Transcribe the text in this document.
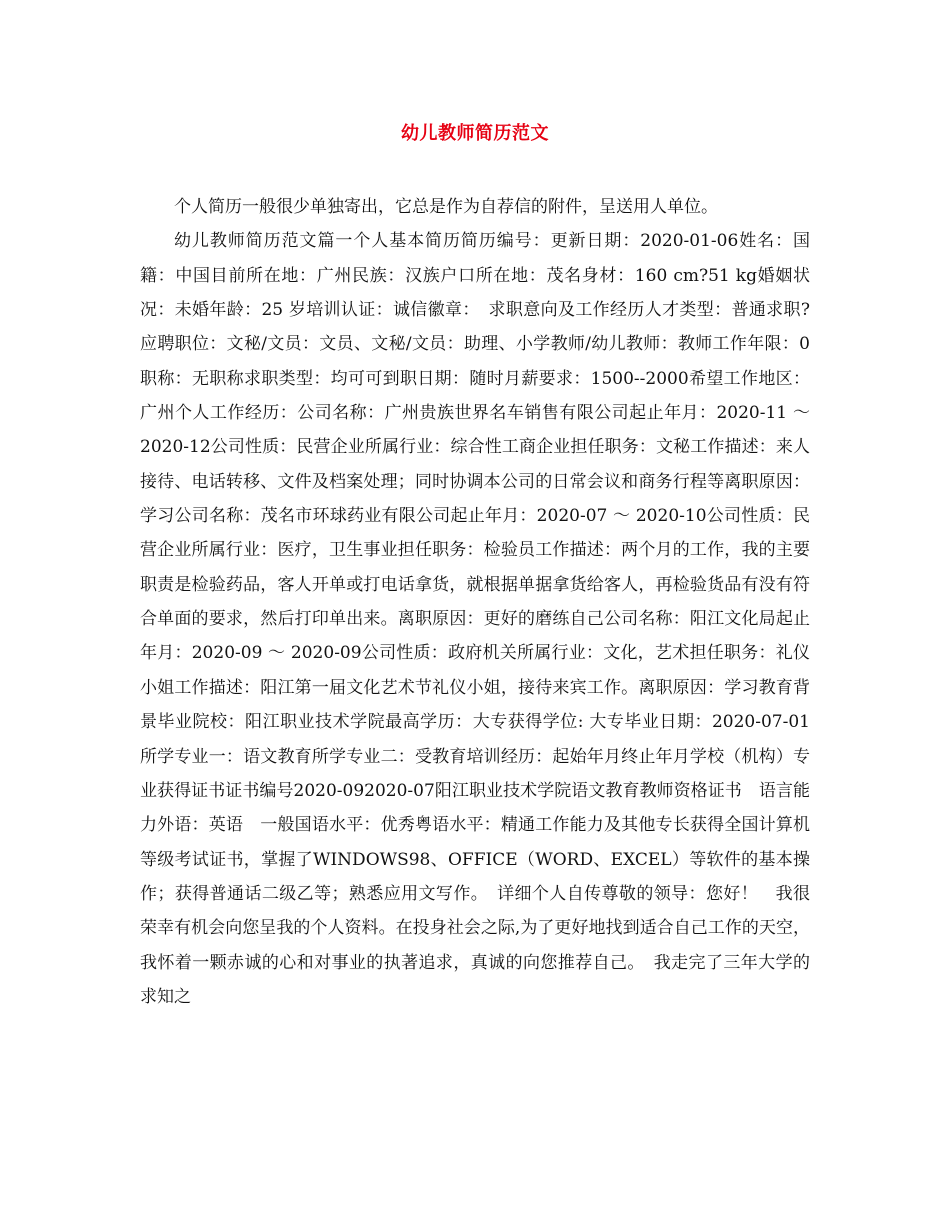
幼儿教师简历范文

个人简历一般很少单独寄出，它总是作为自荐信的附件，呈送用人单位。

幼儿教师简历范文篇一个人基本简历简历编号：更新日期：2020-01-06姓名：国籍：中国目前所在地：广州民族：汉族户口所在地：茂名身材：160 cm?51 kg婚姻状况：未婚年龄：25 岁培训认证：诚信徽章：　求职意向及工作经历人才类型：普通求职?应聘职位：文秘/文员：文员、文秘/文员：助理、小学教师/幼儿教师：教师工作年限：0职称：无职称求职类型：均可可到职日期：随时月薪要求：1500--2000希望工作地区：广州个人工作经历：公司名称：广州贵族世界名车销售有限公司起止年月：2020-11 ～ 2020-12公司性质：民营企业所属行业：综合性工商企业担任职务：文秘工作描述：来人接待、电话转移、文件及档案处理；同时协调本公司的日常会议和商务行程等离职原因：学习公司名称：茂名市环球药业有限公司起止年月：2020-07 ～ 2020-10公司性质：民营企业所属行业：医疗，卫生事业担任职务：检验员工作描述：两个月的工作，我的主要职责是检验药品，客人开单或打电话拿货，就根据单据拿货给客人，再检验货品有没有符合单面的要求，然后打印单出来。离职原因：更好的磨练自己公司名称：阳江文化局起止年月：2020-09 ～ 2020-09公司性质：政府机关所属行业：文化，艺术担任职务：礼仪小姐工作描述：阳江第一届文化艺术节礼仪小姐，接待来宾工作。离职原因：学习教育背景毕业院校：阳江职业技术学院最高学历：大专获得学位: 大专毕业日期：2020-07-01所学专业一：语文教育所学专业二：受教育培训经历：起始年月终止年月学校（机构）专　业获得证书证书编号2020-092020-07阳江职业技术学院语文教育教师资格证书　语言能力外语：英语　一般国语水平：优秀粤语水平：精通工作能力及其他专长获得全国计算机等级考试证书，掌握了WINDOWS98、OFFICE（WORD、EXCEL）等软件的基本操作；获得普通话二级乙等；熟悉应用文写作。　详细个人自传尊敬的领导：您好！　我很荣幸有机会向您呈我的个人资料。在投身社会之际,为了更好地找到适合自己工作的天空，我怀着一颗赤诚的心和对事业的执著追求，真诚的向您推荐自己。　我走完了三年大学的求知之
